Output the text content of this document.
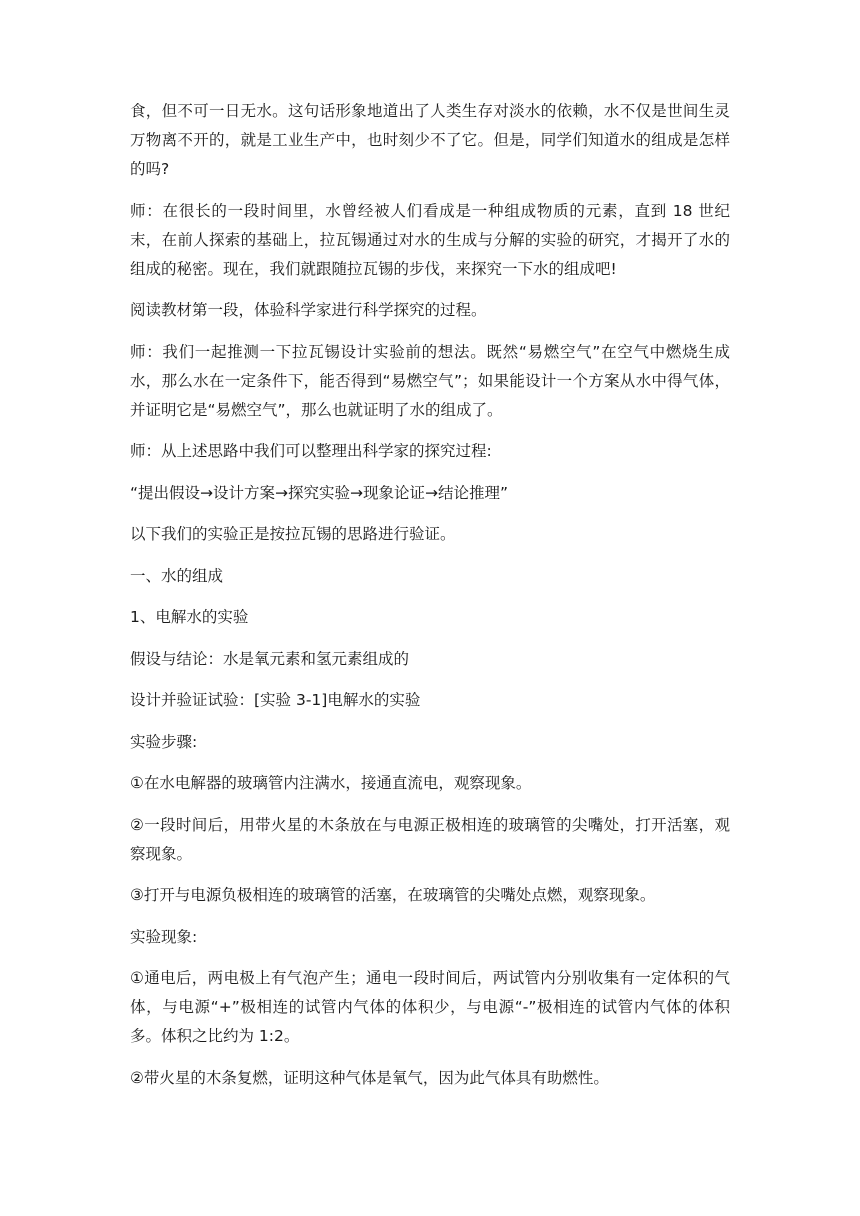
食，但不可一日无水。这句话形象地道出了人类生存对淡水的依赖，水不仅是世间生灵万物离不开的，就是工业生产中，也时刻少不了它。但是，同学们知道水的组成是怎样的吗?

师：在很长的一段时间里，水曾经被人们看成是一种组成物质的元素，直到 18 世纪末，在前人探索的基础上，拉瓦锡通过对水的生成与分解的实验的研究，才揭开了水的组成的秘密。现在，我们就跟随拉瓦锡的步伐，来探究一下水的组成吧!

阅读教材第一段，体验科学家进行科学探究的过程。

师：我们一起推测一下拉瓦锡设计实验前的想法。既然“易燃空气”在空气中燃烧生成水，那么水在一定条件下，能否得到“易燃空气”；如果能设计一个方案从水中得气体，并证明它是“易燃空气”，那么也就证明了水的组成了。

师：从上述思路中我们可以整理出科学家的探究过程:

“提出假设→设计方案→探究实验→现象论证→结论推理”

以下我们的实验正是按拉瓦锡的思路进行验证。

一、水的组成

1、电解水的实验

假设与结论：水是氧元素和氢元素组成的

设计并验证试验：[实验 3-1]电解水的实验

实验步骤:

①在水电解器的玻璃管内注满水，接通直流电，观察现象。

②一段时间后，用带火星的木条放在与电源正极相连的玻璃管的尖嘴处，打开活塞，观察现象。

③打开与电源负极相连的玻璃管的活塞，在玻璃管的尖嘴处点燃，观察现象。

实验现象:

①通电后，两电极上有气泡产生；通电一段时间后，两试管内分别收集有一定体积的气体，与电源“+”极相连的试管内气体的体积少，与电源“-”极相连的试管内气体的体积多。体积之比约为 1:2。

②带火星的木条复燃，证明这种气体是氧气，因为此气体具有助燃性。
